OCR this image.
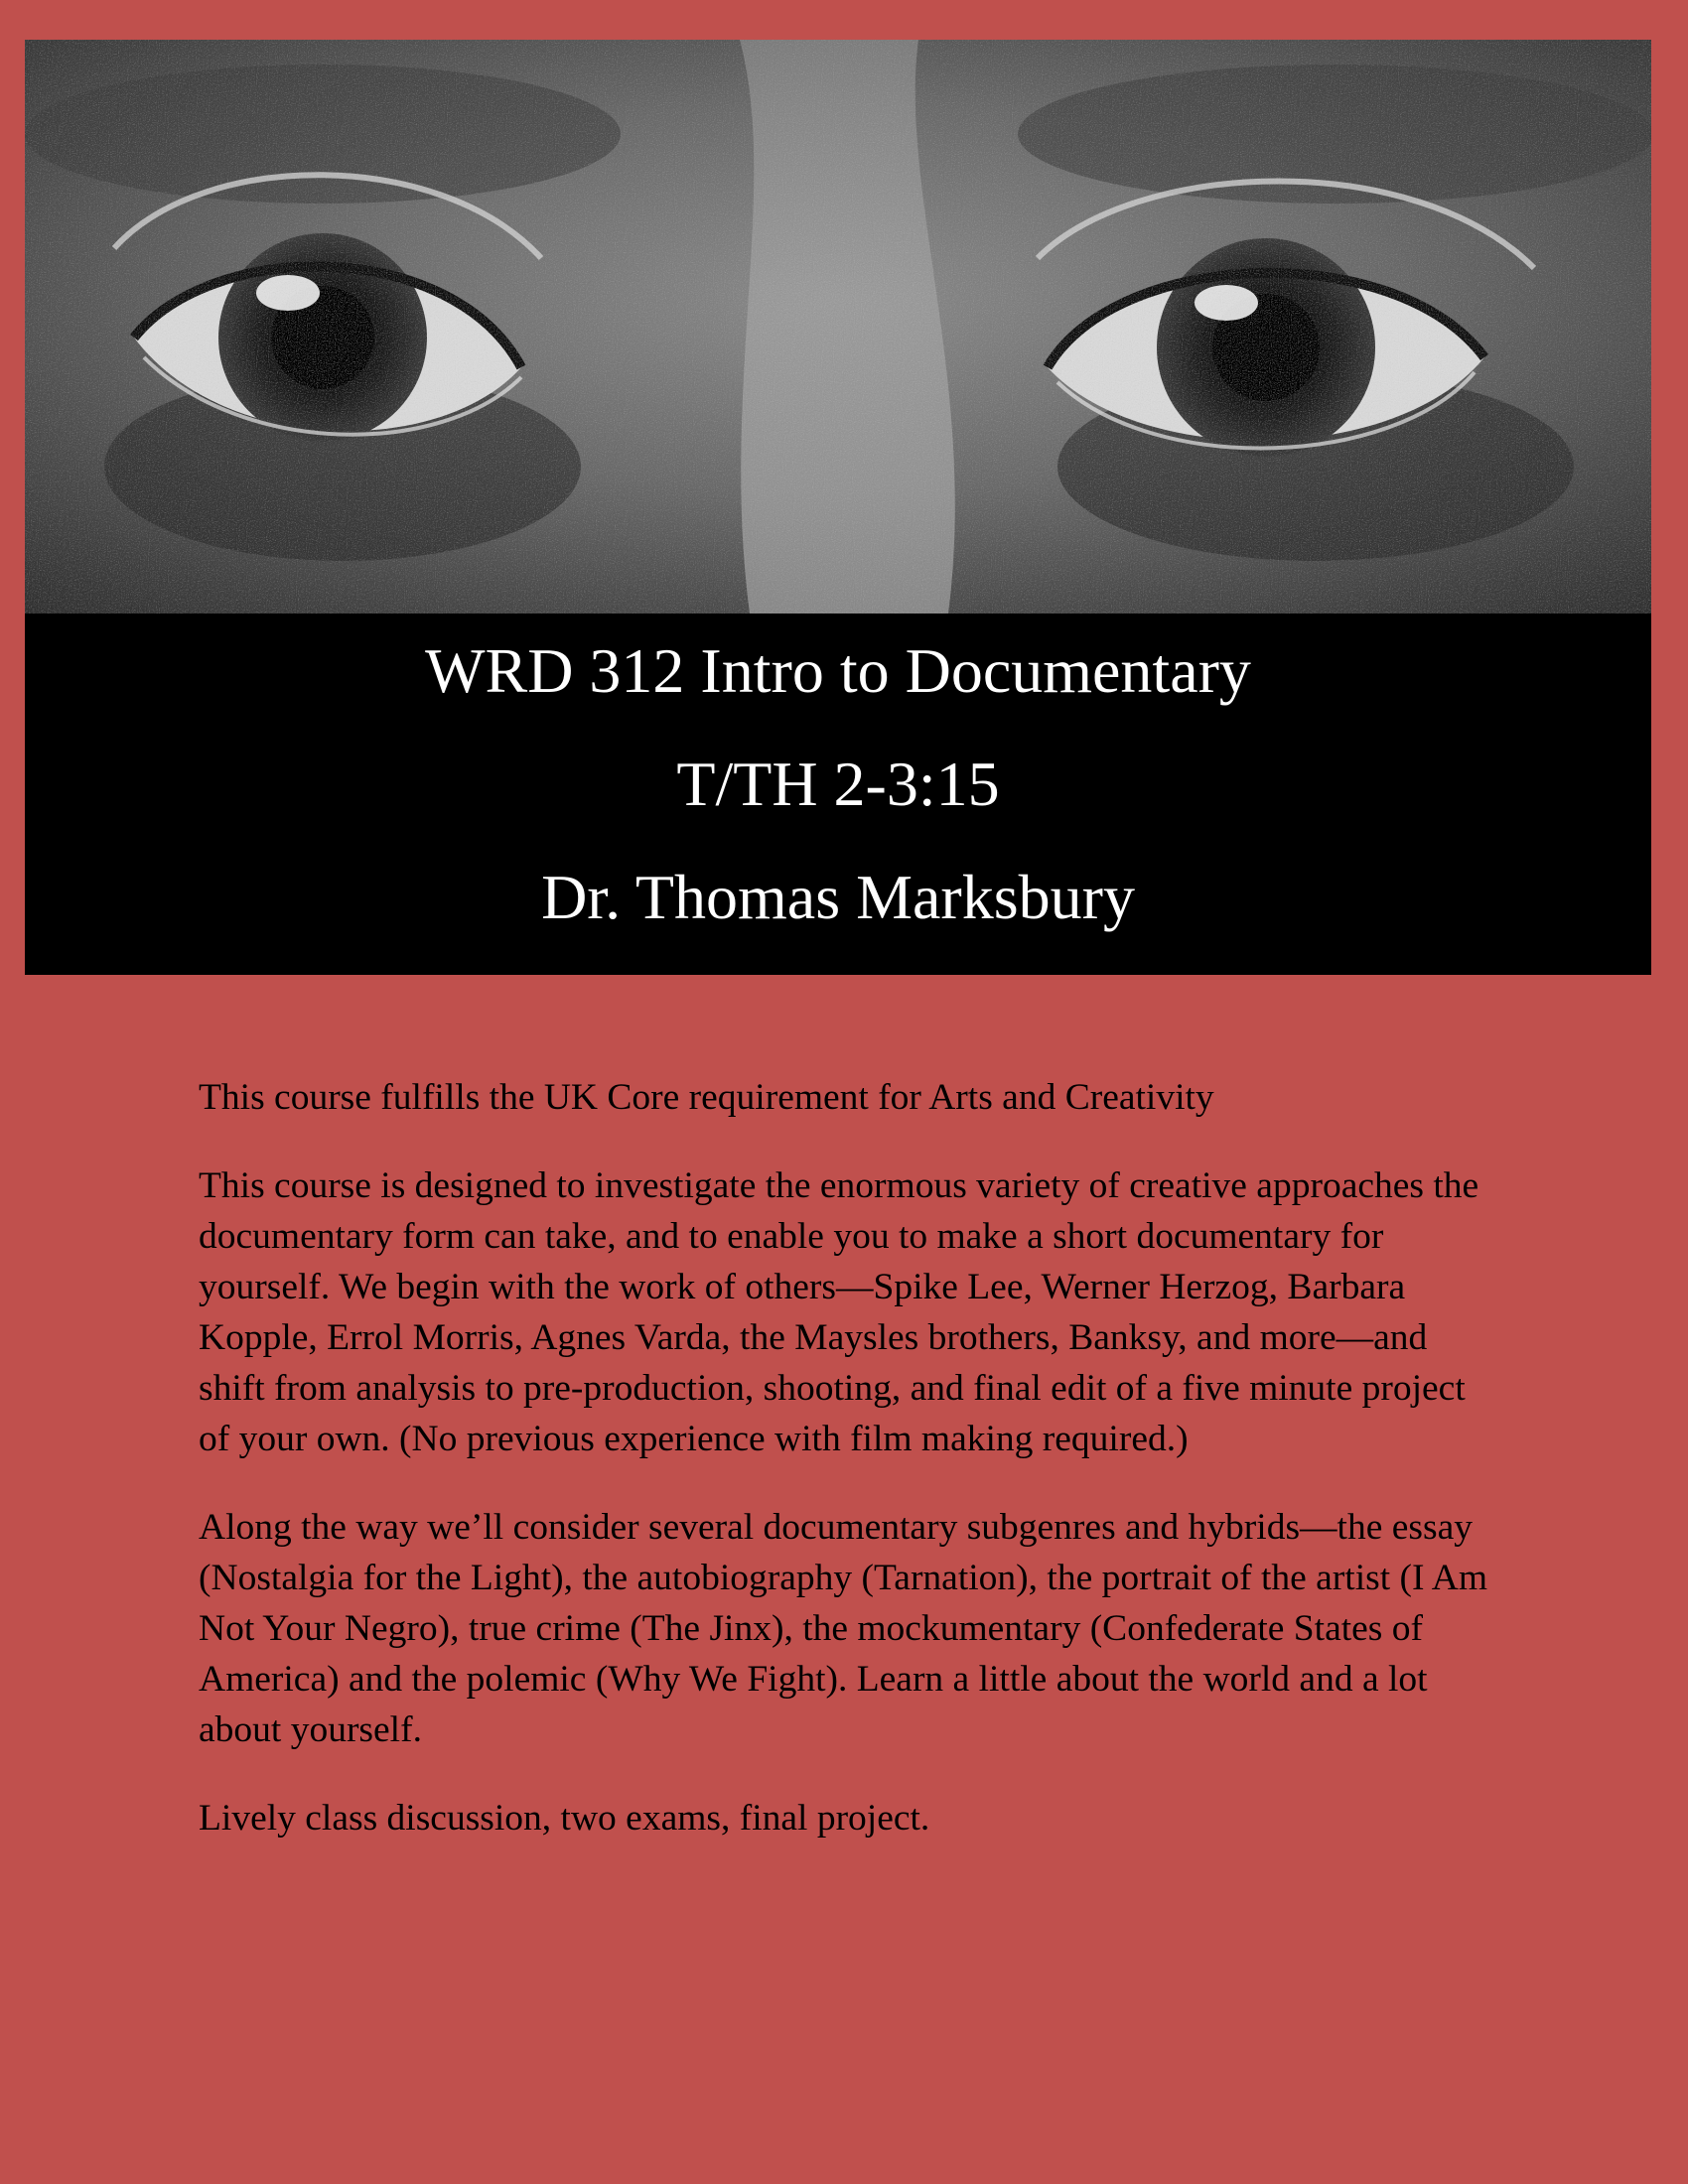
WRD 312 Intro to Documentary
T/TH 2-3:15
Dr. Thomas Marksbury

This course fulfills the UK Core requirement for Arts and Creativity

This course is designed to investigate the enormous variety of creative approaches the documentary form can take, and to enable you to make a short documentary for yourself. We begin with the work of others—Spike Lee, Werner Herzog, Barbara Kopple, Errol Morris, Agnes Varda, the Maysles brothers, Banksy, and more—and shift from analysis to pre-production, shooting, and final edit of a five minute project of your own. (No previous experience with film making required.)

Along the way we’ll consider several documentary subgenres and hybrids—the essay (Nostalgia for the Light), the autobiography (Tarnation), the portrait of the artist (I Am Not Your Negro), true crime (The Jinx), the mockumentary (Confederate States of America) and the polemic (Why We Fight). Learn a little about the world and a lot about yourself.

Lively class discussion, two exams, final project.
